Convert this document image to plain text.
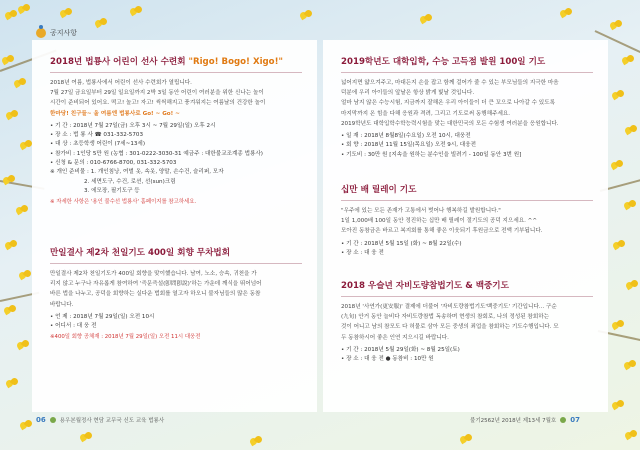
공지사항
2018년 법룡사 어린이 선사 수련회 "Rigo! Bogo! Xigo!"

2018년 여름, 법룡사에서 어린이 선사 수련회가 열립니다.
7월 27일 금요일부터 29일 일요일까지 2박 3일 동안 어린이 여러분을 위한 신나는 놀이
시간이 준비되어 있어요. 떡고! 놀고! 자고! 씩씩해지고 풍겨워지는 여름날의 건강한 놀이
한마당! 친구들~ 올 여름엔 법룡사로 Go! ~ Go! ~

• 기 간 : 2018년 7월 27일(금) 오후 3시 ~ 7월 29일(일) 오후 2시
• 장 소 : 법 룡 사 ☎ 031-332-5703
• 대 상 : 초등학생 어린이 (7세~13세)
• 참가비 : 1인당 5만 원 (농협 : 301-0222-3030-31 예금주 : 대한불교조계종 법룡사)
• 신청 & 문의 : 010-6766-8700, 031-332-5703
※ 개인 준비물 : 1. 개인침낭, 여벌 옷, 속옷, 양말, 손수건, 슬리퍼, 모자
2. 세면도구, 수건, 로션, 선(sun)크림
3. 에모장, 필기도구 등

※ 자세한 사항은 '용인 불수선 법룡사' 홈페이지를 참고하세요.

만일결사 제2차 천일기도 400일 회향 무차법회

만일결사 제2차 천일기도가 400일 회향을 맞이했습니다. 남여, 노소, 승속, 귀천을 가
리지 않고 누구나 자유롭게 참여하여 '즉문즉설(卽問卽說)'하는 가운데 깨식을 뛰어넘어
바른 법을 나누고, 공덕을 회향하는 실다운 법회를 열고자 하오니 불자님들의 많은 동참
바랍니다.

• 언 제 : 2018년 7월 29일(일) 오전 10시
• 어디서 : 대 웅 전

※400일 회향 공체재 : 2018년 7월 29일(일) 오전 11시 대웅전

2019학년도 대학입학, 수능 고득점 발원 100일 기도

넓어지면 얇으겨주고, 마대든지 손을 잡고 함께 걸어가 줄 수 있는 부모님들의 지극한 마음
덕분에 우리 아이들의 앞날은 항상 밝게 빛날 것입니다.
얼마 남지 않은 수능시험, 지금까지 잘해온 우리 아이들이 더 큰 꼬으로 나아갈 수 있도록
마지막까지 온 힘을 다해 응원과 격려, 그리고 기도로써 동행해주세요.
2019학년도 대학입학수학능력시험을 맞는 대한민국의 모든 수험생 여러분을 응원합니다.

• 일 재 : 2018년 8월8일(수요일) 오전 10시, 대웅전
• 회 향 : 2018년 11월 15일(목요일) 오전 9시, 대웅전
• 기도비 : 30만 원 [지속을 원하는 분수인을 빌려기 - 100일 동안 3번 원]
십만 배 릴레이 기도

"우주에 있는 모든 존재가 고통에서 벗어나 행복하길 발원합니다."
1일 1,000배 100일 동안 정진하는 십만 배 릴레이 절기도의 공덕 지으세요. ^^
모아진 동참금은 바르고 복지회를 통해 좋은 이웃되기 후원금으로 전액 기부됩니다.

• 기 간 : 2018년 5월 15일 (화) ~ 8월 22일(수)
• 장 소 : 대 웅 전
2018 우슬년 자비도량참법기도 & 백중기도

2018년 '사연가(更安服)' 결제에 더불어 '자비도량참법기도'백중기도' 기간입니다... 구순
(九旬) 안거 동안 늘비다 자비도량참법 독송하며 현생의 참회로, 나의 정성된 참회하는
것이 어니고 남의 참모도 다 허물로 삼아 모든 중생의 죄업을 참회하는 기도수행입니다. 모
두 동참하시어 좋은 인연 지으시길 바랍니다.

• 기 간 : 2018년 5월 29일(화) ~ 8월 25일(토)
• 장 소 : 대 웅 전 ● 동참비 : 10만 원
06	용우본월정사 현담 교무국 신도 교육 법룡사	불기2562년 2018년 제13세 7월호 07
